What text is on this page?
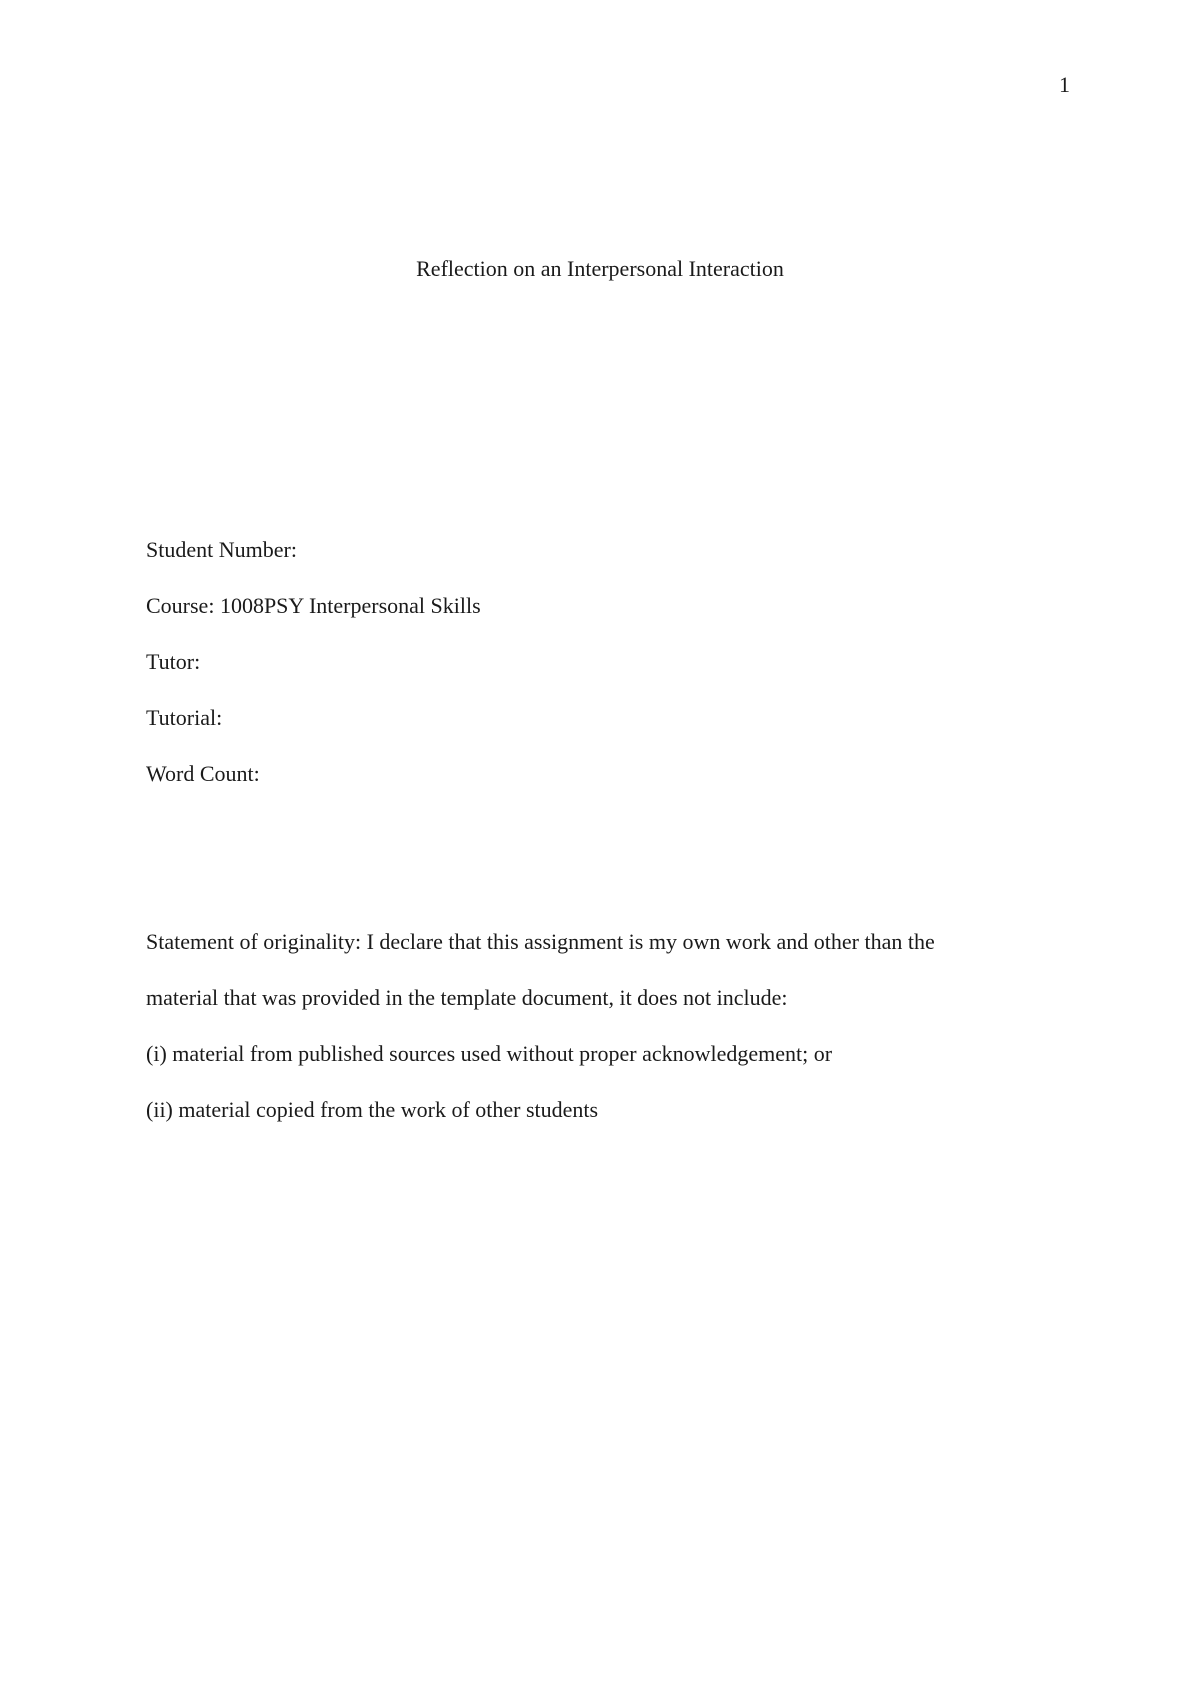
1
Reflection on an Interpersonal Interaction
Student Number:
Course: 1008PSY Interpersonal Skills
Tutor:
Tutorial:
Word Count:
Statement of originality: I declare that this assignment is my own work and other than the
material that was provided in the template document, it does not include:
(i) material from published sources used without proper acknowledgement; or
(ii) material copied from the work of other students
